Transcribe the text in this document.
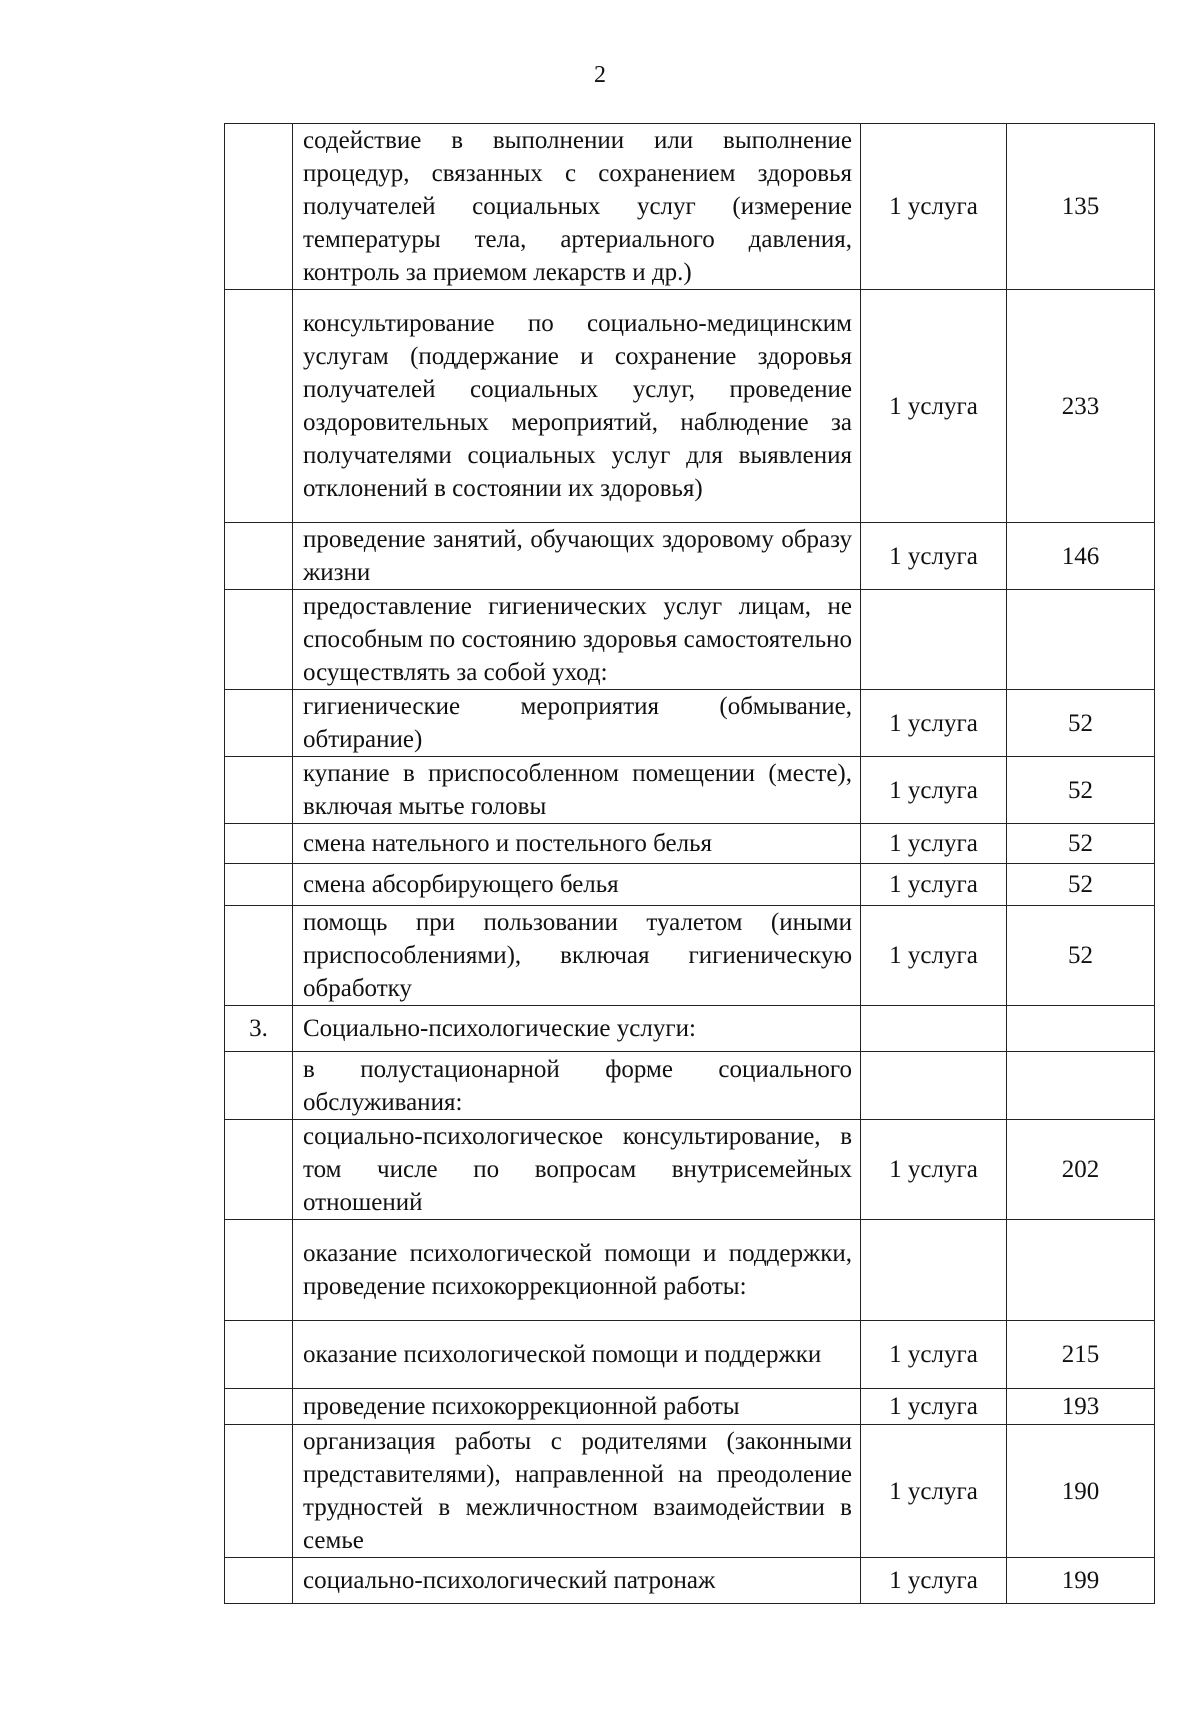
2
	содействие в выполнении или выполнение процедур, связанных с сохранением здоровья получателей социальных услуг (измерение температуры тела, артериального давления, контроль за приемом лекарств и др.)	1 услуга	135
	консультирование по социально-медицинским услугам (поддержание и сохранение здоровья получателей социальных услуг, проведение оздоровительных мероприятий, наблюдение за получателями социальных услуг для выявления отклонений в состоянии их здоровья)	1 услуга	233
	проведение занятий, обучающих здоровому образу жизни	1 услуга	146
	предоставление гигиенических услуг лицам, не способным по состоянию здоровья самостоятельно осуществлять за собой уход:		
	гигиенические мероприятия (обмывание, обтирание)	1 услуга	52
	купание в приспособленном помещении (месте), включая мытье головы	1 услуга	52
	смена нательного и постельного белья	1 услуга	52
	смена абсорбирующего белья	1 услуга	52
	помощь при пользовании туалетом (иными приспособлениями), включая гигиеническую обработку	1 услуга	52
3.	Социально-психологические услуги:		
	в полустационарной форме социального обслуживания:		
	социально-психологическое консультирование, в том числе по вопросам внутрисемейных отношений	1 услуга	202
	оказание психологической помощи и поддержки, проведение психокоррекционной работы:		
	оказание психологической помощи и поддержки	1 услуга	215
	проведение психокоррекционной работы	1 услуга	193
	организация работы с родителями (законными представителями), направленной на преодоление трудностей в межличностном взаимодействии в семье	1 услуга	190
	социально-психологический патронаж	1 услуга	199
